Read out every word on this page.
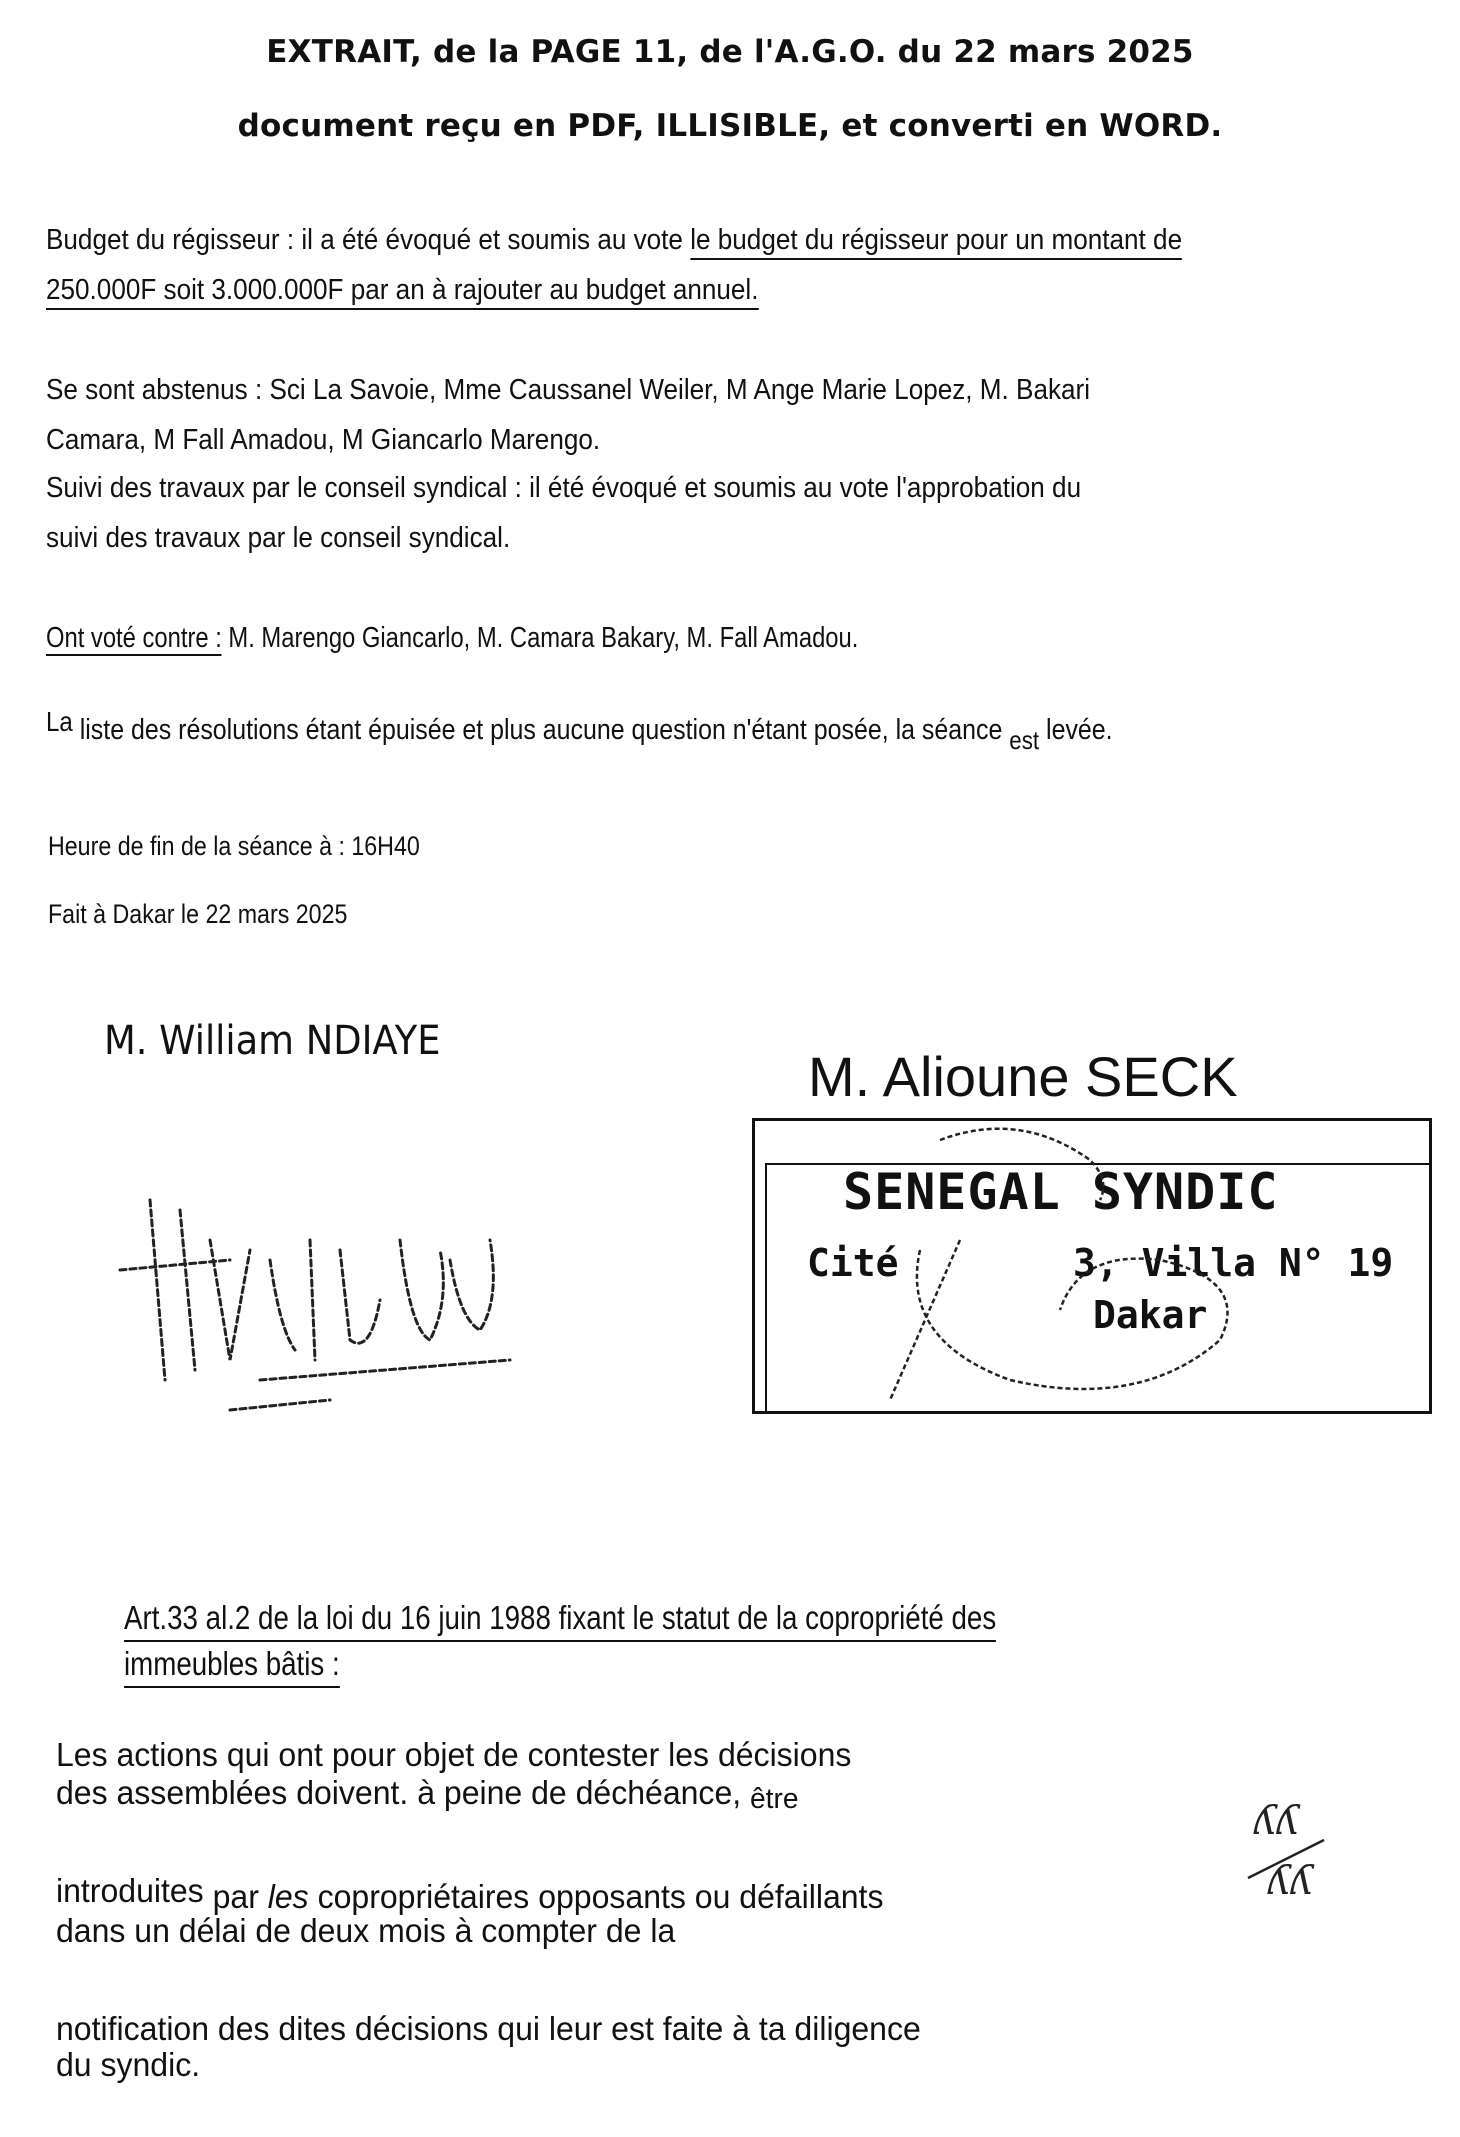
EXTRAIT, de la PAGE 11, de l'A.G.O. du 22 mars 2025
document reçu en PDF, ILLISIBLE, et converti en WORD.
Budget du régisseur : il a été évoqué et soumis au vote le budget du régisseur pour un montant de
250.000F soit 3.000.000F par an à rajouter au budget annuel.
Se sont abstenus : Sci La Savoie, Mme Caussanel Weiler, M Ange Marie Lopez, M. Bakari
Camara, M Fall Amadou, M Giancarlo Marengo.
Suivi des travaux par le conseil syndical : il été évoqué et soumis au vote l'approbation du
suivi des travaux par le conseil syndical.
Ont voté contre : M. Marengo Giancarlo, M. Camara Bakary, M. Fall Amadou.
La liste des résolutions étant épuisée et plus aucune question n'étant posée, la séance est levée.
Heure de fin de la séance à : 16H40
Fait à Dakar le 22 mars 2025
M. William NDIAYE
M. Alioune SECK
SENEGAL SYNDIC
Cité	3, Villa N° 19
Dakar
Art.33 al.2 de la loi du 16 juin 1988 fixant le statut de la copropriété des
immeubles bâtis :
Les actions qui ont pour objet de contester les décisions
des assemblées doivent. à peine de déchéance, être
introduites par les copropriétaires opposants ou défaillants
dans un délai de deux mois à compter de la
notification des dites décisions qui leur est faite à ta diligence
du syndic.
ʎʎ
ʎʎ
